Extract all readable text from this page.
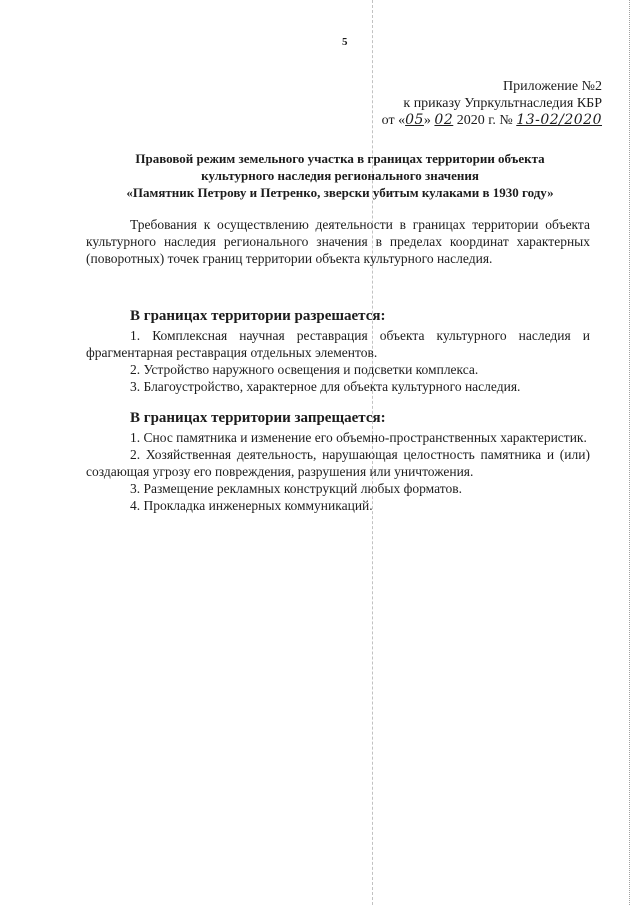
5
Приложение №2
к приказу Упркультнаследия КБР
от «05» 02 2020 г. № 13-02/2020
Правовой режим земельного участка в границах территории объекта
культурного наследия регионального значения
«Памятник Петрову и Петренко, зверски убитым кулаками в 1930 году»
Требования к осуществлению деятельности в границах территории объекта культурного наследия регионального значения в пределах координат характерных (поворотных) точек границ территории объекта культурного наследия.
В границах территории разрешается:

1. Комплексная научная реставрация объекта культурного наследия и фрагментарная реставрация отдельных элементов.

2. Устройство наружного освещения и подсветки комплекса.

3. Благоустройство, характерное для объекта культурного наследия.

В границах территории запрещается:

1. Снос памятника и изменение его объемно-пространственных характеристик.

2. Хозяйственная деятельность, нарушающая целостность памятника и (или) создающая угрозу его повреждения, разрушения или уничтожения.

3. Размещение рекламных конструкций любых форматов.

4. Прокладка инженерных коммуникаций.
